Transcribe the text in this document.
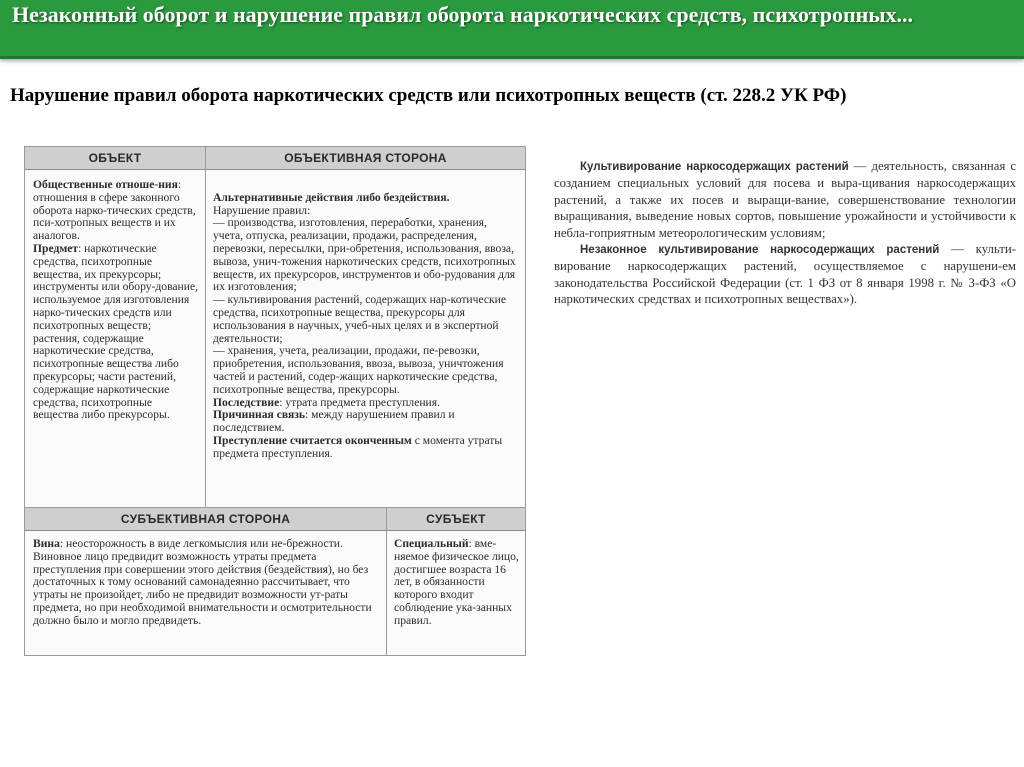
Незаконный оборот и нарушение правил оборота наркотических средств, психотропных...
Нарушение правил оборота наркотических средств или психотропных веществ (ст. 228.2 УК РФ)
ОБЪЕКТ	ОБЪЕКТИВНАЯ СТОРОНА
Общественные отноше-ния: отношения в сфере законного оборота нарко-тических средств, пси-хотропных веществ и их аналогов.
Предмет: наркотические средства, психотропные вещества, их прекурсоры; инструменты или обору-дование, используемое для изготовления нарко-тических средств или психотропных веществ; растения, содержащие наркотические средства, психотропные вещества либо прекурсоры; части растений, содержащие наркотические средства, психотропные вещества либо прекурсоры.

Альтернативные действия либо бездействия.
Нарушение правил:
— производства, изготовления, переработки, хранения, учета, отпуска, реализации, продажи, распределения, перевозки, пересылки, при-обретения, использования, ввоза, вывоза, унич-тожения наркотических средств, психотропных веществ, их прекурсоров, инструментов и обо-рудования для их изготовления;
— культивирования растений, содержащих нар-котические средства, психотропные вещества, прекурсоры для использования в научных, учеб-ных целях и в экспертной деятельности;
— хранения, учета, реализации, продажи, пе-ревозки, приобретения, использования, ввоза, вывоза, уничтожения частей и растений, содер-жащих наркотические средства, психотропные вещества, прекурсоры.
Последствие: утрата предмета преступления.
Причинная связь: между нарушением правил и последствием.
Преступление считается оконченным с момента утраты предмета преступления.

СУБЪЕКТИВНАЯ СТОРОНА	СУБЪЕКТ
Вина: неосторожность в виде легкомыслия или не-брежности. Виновное лицо предвидит возможность утраты предмета преступления при совершении этого действия (бездействия), но без достаточных к тому оснований самонадеянно рассчитывает, что утраты не произойдет, либо не предвидит возможности ут-раты предмета, но при необходимой внимательности и осмотрительности должно было и могло предвидеть.
Специальный: вме-няемое физическое лицо, достигшее возраста 16 лет, в обязанности которого входит соблюдение ука-занных правил.

Культивирование наркосодержащих растений — деятельность, связанная с созданием специальных условий для посева и выра-щивания наркосодержащих растений, а также их посев и выращи-вание, совершенствование технологии выращивания, выведение новых сортов, повышение урожайности и устойчивости к небла-гоприятным метеорологическим условиям;

Незаконное культивирование наркосодержащих растений — культи-вирование наркосодержащих растений, осуществляемое с нарушени-ем законодательства Российской Федерации (ст. 1 ФЗ от 8 января 1998 г. № 3-ФЗ «О наркотических средствах и психотропных веществах»).
